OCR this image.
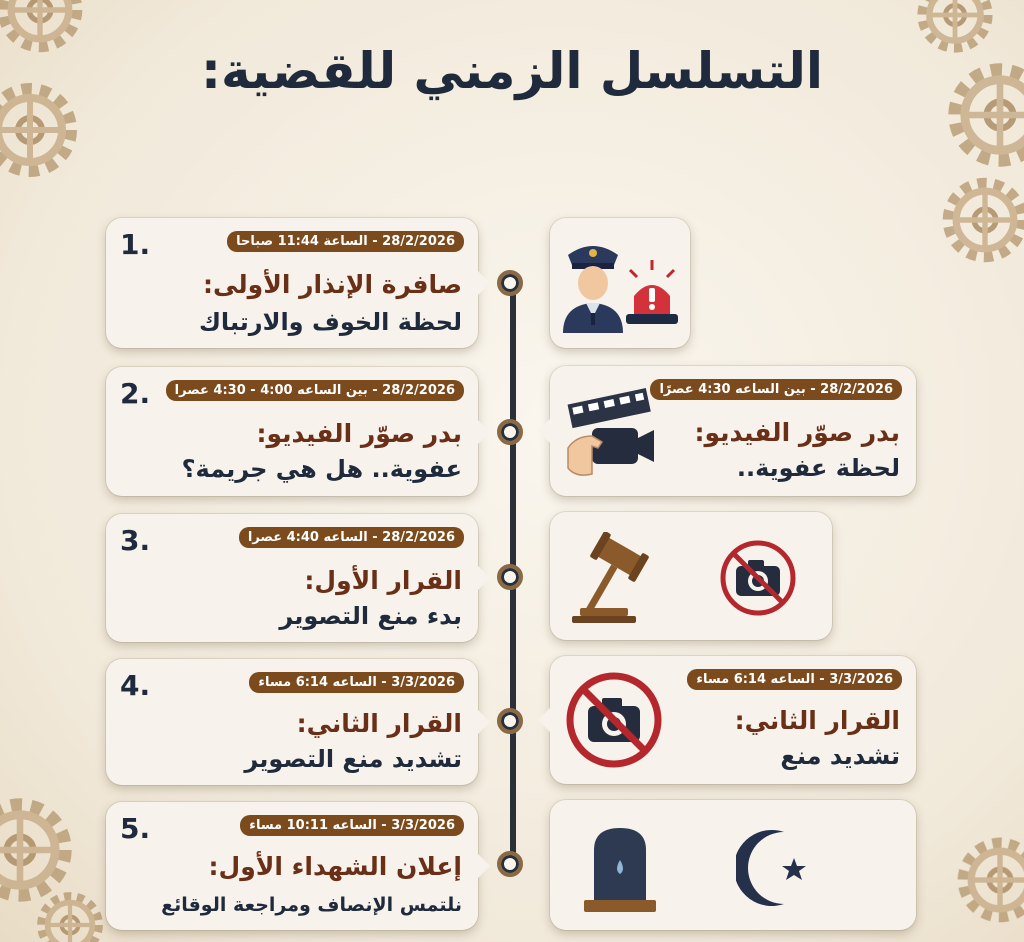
التسلسل الزمني للقضية:
1.	28/2/2026 - الساعة 11:44 صباحا
صافرة الإنذار الأولى:
لحظة الخوف والارتباك
2.	28/2/2026 - بين الساعه 4:00 - 4:30 عصرا
بدر صوّر الفيديو:
عفوية.. هل هي جريمة؟
28/2/2026 - بين الساعه 4:30 عصرًا
بدر صوّر الفيديو:
لحظة عفوية..
3.	28/2/2026 - الساعه 4:40 عصرا
القرار الأول:
بدء منع التصوير
4.	3/3/2026 - الساعه 6:14 مساء
القرار الثاني:
تشديد منع التصوير
3/3/2026 - الساعه 6:14 مساء
القرار الثاني:
تشديد منع
5.	3/3/2026 - الساعه 10:11 مساء
إعلان الشهداء الأول:
نلتمس الإنصاف ومراجعة الوقائع
